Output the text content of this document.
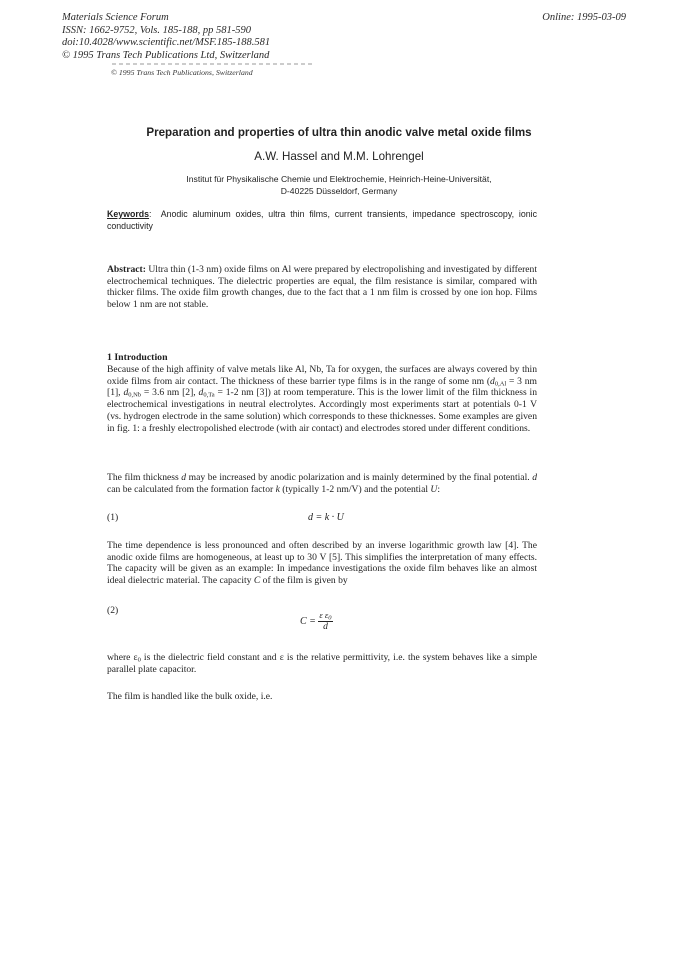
Materials Science Forum
ISSN: 1662-9752, Vols. 185-188, pp 581-590
doi:10.4028/www.scientific.net/MSF.185-188.581
© 1995 Trans Tech Publications Ltd, Switzerland
Online: 1995-03-09
© 1995 Trans Tech Publications, Switzerland
Preparation and properties of ultra thin anodic valve metal oxide films
A.W. Hassel and M.M. Lohrengel
Institut für Physikalische Chemie und Elektrochemie, Heinrich-Heine-Universität,
D-40225 Düsseldorf, Germany
Keywords:  Anodic aluminum oxides, ultra thin films, current transients, impedance spectroscopy, ionic conductivity
Abstract: Ultra thin (1-3 nm) oxide films on Al were prepared by electropolishing and investigated by different electrochemical techniques. The dielectric properties are equal, the film resistance is similar, compared with thicker films. The oxide film growth changes, due to the fact that a 1 nm film is crossed by one ion hop. Films below 1 nm are not stable.
1 Introduction
Because of the high affinity of valve metals like Al, Nb, Ta for oxygen, the surfaces are always covered by thin oxide films from air contact. The thickness of these barrier type films is in the range of some nm ($d_{0,Al} = 3$ nm [1], $d_{0,Nb} = 3.6$ nm [2], $d_{0,Ta} = 1-2$ nm [3]) at room temperature. This is the lower limit of the film thickness in electrochemical investigations in neutral electrolytes. Accordingly most experiments start at potentials 0-1 V (vs. hydrogen electrode in the same solution) which corresponds to these thicknesses. Some examples are given in fig. 1: a freshly electropolished electrode (with air contact) and electrodes stored under different conditions.
The film thickness d may be increased by anodic polarization and is mainly determined by the final potential. d can be calculated from the formation factor k (typically 1-2 nm/V) and the potential U:
(1)	d = k · U
The time dependence is less pronounced and often described by an inverse logarithmic growth law [4]. The anodic oxide films are homogeneous, at least up to 30 V [5]. This simplifies the interpretation of many effects. The capacity will be given as an example: In impedance investigations the oxide film behaves like an almost ideal dielectric material. The capacity C of the film is given by
(2)
$C = \frac{\varepsilon \varepsilon_0}{d}$
where $\varepsilon_0$ is the dielectric field constant and ε is the relative permittivity, i.e. the system behaves like a simple parallel plate capacitor.
The film is handled like the bulk oxide, i.e.
